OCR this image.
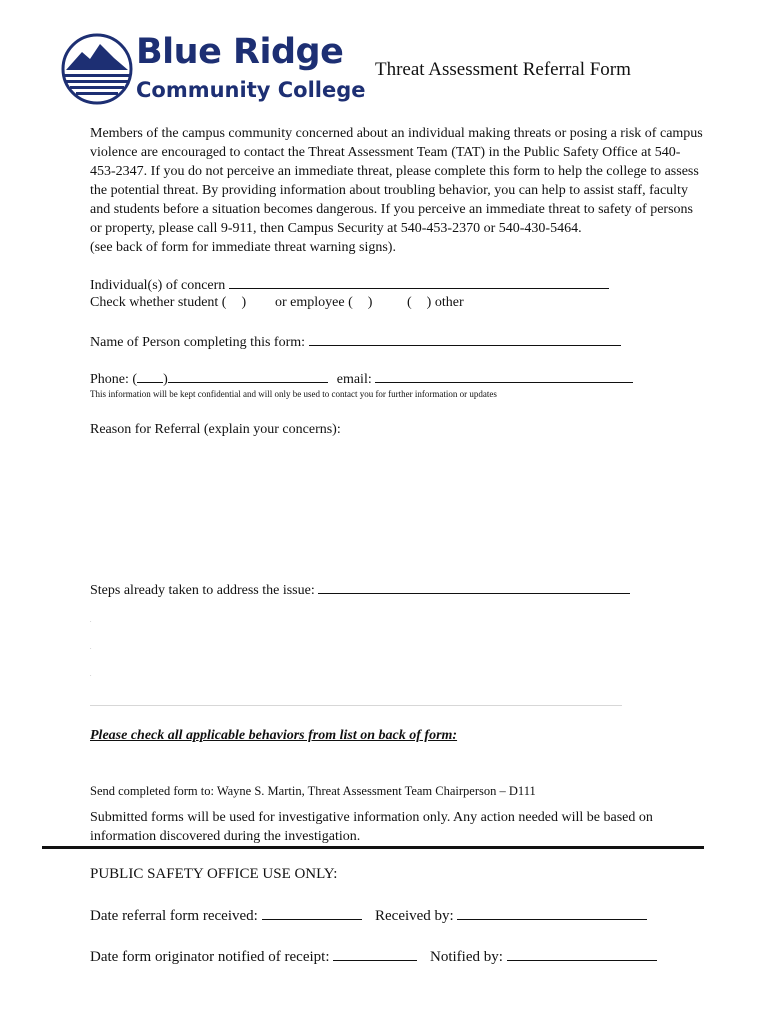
Blue Ridge
Community College
Threat Assessment Referral Form

Members of the campus community concerned about an individual making threats or posing a risk of campus violence are encouraged to contact the Threat Assessment Team (TAT) in the Public Safety Office at 540-453-2347. If you do not perceive an immediate threat, please complete this form to help the college to assess the potential threat. By providing information about troubling behavior, you can help to assist staff, faculty and students before a situation becomes dangerous. If you perceive an immediate threat to safety of persons or property, please call 9-911, then Campus Security at 540-453-2370 or 540-430-5464.

(see back of form for immediate threat warning signs).

Individual(s) of concern
Check whether student ( ) or employee ( ) ( ) other
Name of Person completing this form:
Phone: ( )	email:
This information will be kept confidential and will only be used to contact you for further information or updates
Reason for Referral (explain your concerns):
Steps already taken to address the issue:
.
.
.
Please check all applicable behaviors from list on back of form:
Send completed form to: Wayne S. Martin, Threat Assessment Team Chairperson – D111
Submitted forms will be used for investigative information only. Any action needed will be based on information discovered during the investigation.
PUBLIC SAFETY OFFICE USE ONLY:
Date referral form received:	Received by:
Date form originator notified of receipt:	Notified by:
